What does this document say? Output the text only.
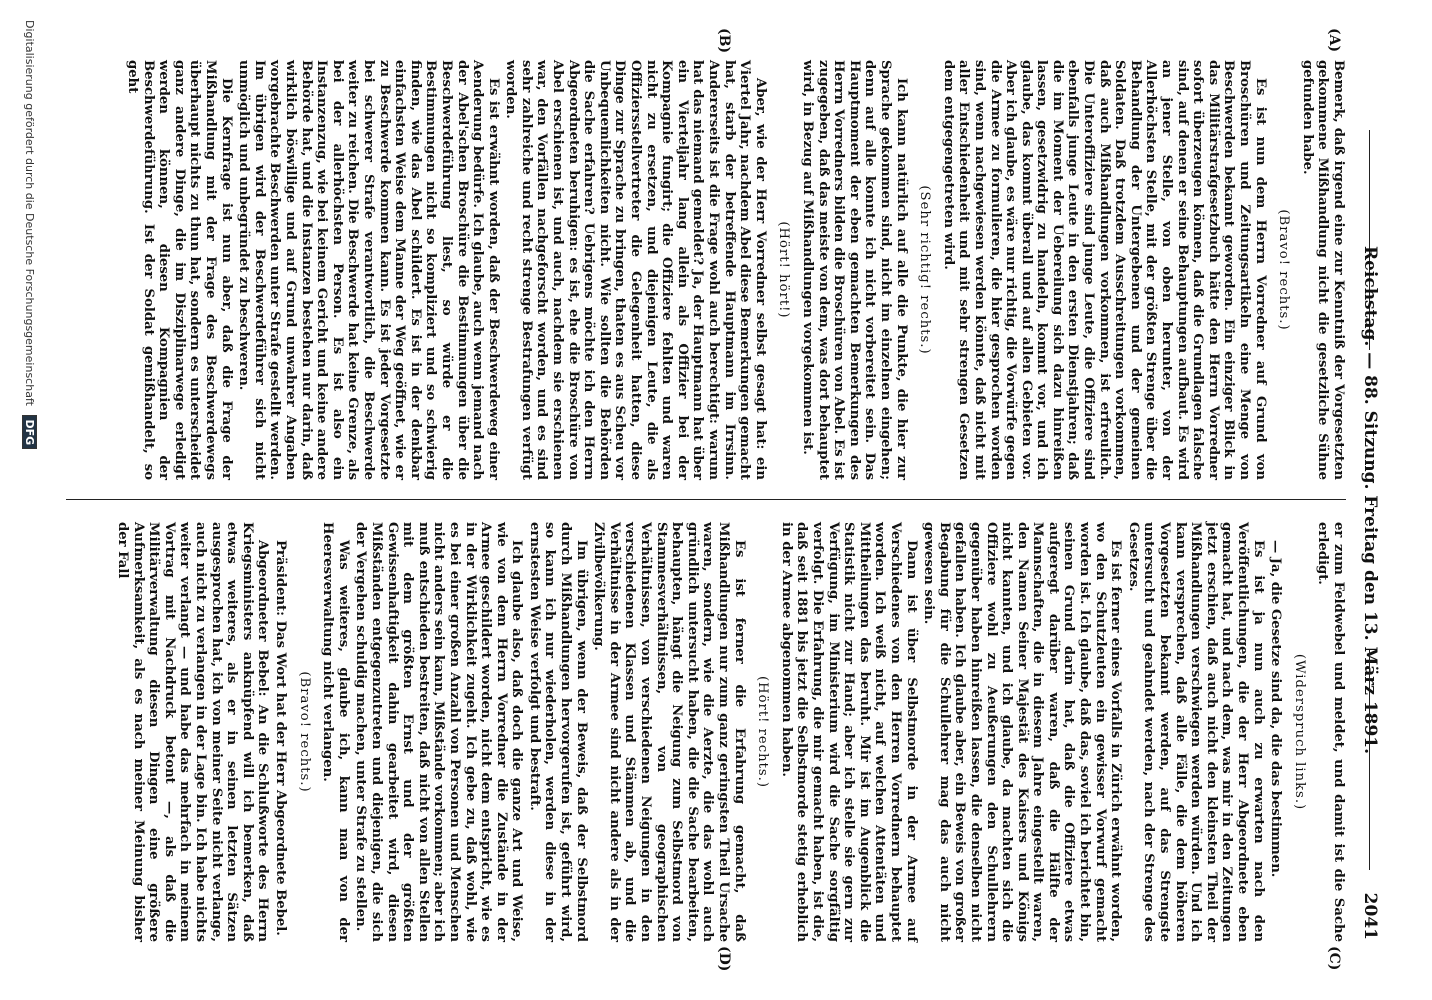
Reichstag. — 88. Sitzung. Freitag den 13. März 1891.
2041
(A)
(B)
(C)
(D)

Bemerk, daß irgend eine zur Kenntniß der Vorgesetzten gekommene Mißhandlung nicht die gesetzliche Sühne gefunden habe.

(Bravo! rechts.)

Es ist nun dem Herrn Vorredner auf Grund von Broschüren und Zeitungsartikeln eine Menge von Beschwerden bekannt geworden. Ein einziger Blick in das Militärstrafgesetzbuch hätte den Herrn Vorredner sofort überzeugen können, daß die Grundlagen falsche sind, auf denen er seine Behauptungen aufbaut. Es wird an jener Stelle, von oben herunter, von der Allerhöchsten Stelle, mit der größten Strenge über die Behandlung der Untergebenen und der gemeinen Soldaten. Daß trotzdem Ausschreitungen vorkommen, daß auch Mißhandlungen vorkommen, ist erfreulich. Die Unteroffiziere sind junge Leute, die Offiziere sind ebenfalls junge Leute in den ersten Dienstjahren; daß die im Moment der Uebereilung sich dazu hinreißen lassen, gesetzwidrig zu handeln, kommt vor, und ich glaube, das kommt überall und auf allen Gebieten vor. Aber ich glaube, es wäre nur richtig, die Vorwürfe gegen die Armee zu formulieren, die hier gesprochen worden sind, wenn nachgewiesen werden könnte, daß nicht mit aller Entschiedenheit und mit sehr strengen Gesetzen dem entgegengetreten wird.

(Sehr richtig! rechts.)

Ich kann natürlich auf alle die Punkte, die hier zur Sprache gekommen sind, nicht im einzelnen eingehen; denn auf alle konnte ich nicht vorbereitet sein. Das Hauptmoment der eben gemachten Bemerkungen des Herrn Vorredners bilden die Broschüren von Abel. Es ist zugegeben, daß das meiste von dem, was dort behauptet wird, in Bezug auf Mißhandlungen vorgekommen ist.

(Hört! hört!)

Aber, wie der Herr Vorredner selbst gesagt hat: ein Viertel Jahr, nachdem Abel diese Bemerkungen gemacht hat, starb der betreffende Hauptmann im Irrsinn. Andererseits ist die Frage wohl auch berechtigt: warum hat das niemand gemeldet? Ja, der Hauptmann hat über ein Vierteljahr lang allein als Offizier bei der Kompagnie fungirt; die Offiziere fehlten und waren nicht zu ersetzen, und diejenigen Leute, die als Offiziersstellvertreter die Gelegenheit hatten, diese Dinge zur Sprache zu bringen, thaten es aus Scheu vor Unbequemlichkeiten nicht. Wie sollten die Behörden die Sache erfahren? Uebrigens möchte ich den Herrn Abgeordneten beruhigen: es ist, ehe die Broschüre von Abel erschienen ist, und auch, nachdem sie erschienen war, den Vorfällen nachgeforscht worden, und es sind sehr zahlreiche und recht strenge Bestrafungen verfügt worden.

Es ist erwähnt worden, daß der Beschwerdeweg einer Aenderung bedürfe. Ich glaube, auch wenn jemand nach der Abel'schen Broschüre die Bestimmungen über die Beschwerdeführung liest, so würde er die Bestimmungen nicht so kompliziert und so schwierig finden, wie das Abel schildert. Es ist in der denkbar einfachsten Weise dem Manne der Weg geöffnet, wie er zu Beschwerde kommen kann. Es ist jeder Vorgesetzte bei schwerer Strafe verantwortlich, die Beschwerde weiter zu reichen. Die Beschwerde hat keine Grenze, als bei der allerhöchsten Person. Es ist also ein Instanzenzug, wie bei keinem Gericht und keine andere Behörde hat, und die Instanzen bestehen nur darin, daß wirklich böswillige und auf Grund unwahrer Angaben vorgebrachte Beschwerden unter Strafe gestellt werden. Im übrigen wird der Beschwerdeführer sich nicht unmöglich und unbegründet zu beschweren.

Die Kernfrage ist nun aber, daß die Frage der Mißhandlung mit der Frage des Beschwerdewegs überhaupt nichts zu thun hat, sondern es unterscheidet ganz andere Dinge, die im Disziplinarwege erledigt werden können, diesen Kompagnien der Beschwerdeführung. Ist der Soldat gemißhandelt, so geht

er zum Feldwebel und meldet, und damit ist die Sache erledigt.

(Widerspruch links.)

— Ja, die Gesetze sind da, die das bestimmen.

Es ist ja nun auch zu erwarten nach den Veröffentlichungen, die der Herr Abgeordnete eben gemacht hat, und nach dem, was mir in den Zeitungen jetzt erschien, daß auch nicht den kleinsten Theil der Mißhandlungen verschwiegen werden würden. Und ich kann versprechen, daß alle Fälle, die dem höheren Vorgesetzten bekannt werden, auf das Strengste untersucht und geahndet werden, nach der Strenge des Gesetzes.

Es ist ferner eines Vorfalls in Zürich erwähnt worden, wo den Schutzleuten ein gewisser Vorwurf gemacht worden ist. Ich glaube, daß das, soviel ich berichtet bin, seinen Grund darin hat, daß die Offiziere etwas aufgeregt darüber waren, daß die Hälfte der Mannschaften, die in diesem Jahre eingestellt waren, den Namen Seiner Majestät des Kaisers und Königs nicht kannten, und ich glaube, da machten sich die Offiziere wohl zu Aeußerungen den Schullehrern gegenüber haben hinreißen lassen, die denselben nicht gefallen haben. Ich glaube aber, ein Beweis von großer Begabung für die Schullehrer mag das auch nicht gewesen sein.

Dann ist über Selbstmorde in der Armee auf Verschiedenes von den Herren Vorrednern behauptet worden. Ich weiß nicht, auf welchen Attentäten und Mittheilungen das beruht. Mir ist im Augenblick die Statistik nicht zur Hand; aber ich stelle sie gern zur Verfügung, im Ministerium wird die Sache sorgfältig verfolgt. Die Erfahrung, die mir gemacht haben, ist die, daß seit 1881 bis jetzt die Selbstmorde stetig erheblich in der Armee abgenommen haben.

(Hört! rechts.)

Es ist ferner die Erfahrung gemacht, daß Mißhandlungen nur zum ganz geringsten Theil Ursache waren, sondern, wie die Aerzte, die das wohl auch gründlich untersucht haben, die die Sache bearbeiten, behaupten, hängt die Neigung zum Selbstmord von Stammesverhältnissen, von geographischen Verhältnissen, von verschiedenen Neigungen in den verschiedenen Klassen und Stämmen ab, und die Verhältnisse in der Armee sind nicht andere als in der Zivilbevölkerung.

Im übrigen, wenn der Beweis, daß der Selbstmord durch Mißhandlungen hervorgerufen ist, geführt wird, so kann ich nur wiederholen, werden diese in der ernstesten Weise verfolgt und bestraft.

Ich glaube also, daß doch die ganze Art und Weise, wie von dem Herrn Vorredner die Zustände in der Armee geschildert worden, nicht dem entspricht, wie es in der Wirklichkeit zugeht. Ich gebe zu, daß wohl, wie es bei einer großen Anzahl von Personen und Menschen nicht anders sein kann, Mißstände vorkommen; aber ich muß entschieden bestreiten, daß nicht von allen Stellen mit dem größten Ernst und der größten Gewissenhaftigkeit dahin gearbeitet wird, diesen Mißständen entgegenzutreten und diejenigen, die sich der Vergehen schuldig machen, unter Strafe zu stellen.

Was weiteres, glaube ich, kann man von der Heeresverwaltung nicht verlangen.

(Bravo! rechts.)

Präsident: Das Wort hat der Herr Abgeordnete Bebel.

Abgeordneter Bebel: An die Schlußworte des Herrn Kriegsministers anknüpfend will ich bemerken, daß etwas weiteres, als er in seinen letzten Sätzen ausgesprochen hat, ich von meiner Seite nicht verlange, auch nicht zu verlangen in der Lage bin. Ich habe nichts weiter verlangt — und habe das mehrfach in meinem Vortrag mit Nachdruck betont —, als daß die Militärverwaltung diesen Dingen eine größere Aufmerksamkeit, als es nach meiner Meinung bisher der Fall

Digitalisierung gefördert durch die Deutsche Forschungsgemeinschaft DFG
